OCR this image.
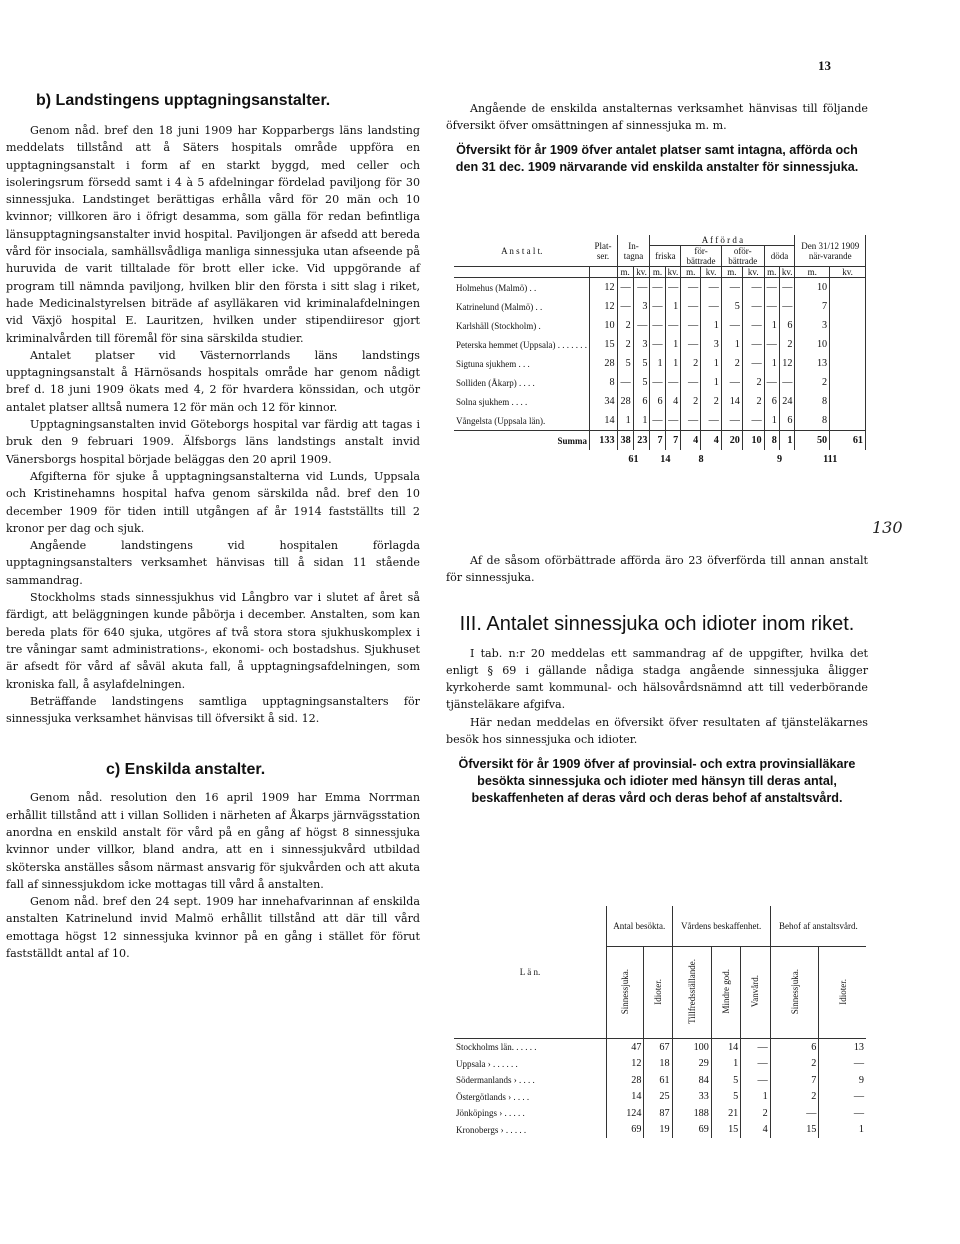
13
b) Landstingens upptagningsanstalter.

Genom nåd. bref den 18 juni 1909 har Kopparbergs läns landsting meddelats tillstånd att å Säters hospitals område uppföra en upptagningsanstalt i form af en starkt byggd, med celler och isoleringsrum försedd samt i 4 à 5 afdelningar fördelad paviljong för 30 sinnessjuka. Landstinget berättigas erhålla vård för 20 män och 10 kvinnor; villkoren äro i öfrigt desamma, som gälla för redan befintliga länsupptagningsanstalter invid hospital. Paviljongen är afsedd att bereda vård för insociala, samhällsvådliga manliga sinnessjuka utan afseende på huruvida de varit tilltalade för brott eller icke. Vid uppgörande af program till nämnda paviljong, hvilken blir den första i sitt slag i riket, hade Medicinalstyrelsen biträde af asylläkaren vid kriminalafdelningen vid Växjö hospital E. Lauritzen, hvilken under stipendiiresor gjort kriminalvården till föremål för sina särskilda studier.

Antalet platser vid Västernorrlands läns landstings upptagningsanstalt å Härnösands hospitals område har genom nådigt bref d. 18 juni 1909 ökats med 4, 2 för hvardera könssidan, och utgör antalet platser alltså numera 12 för män och 12 för kinnor.

Upptagningsanstalten invid Göteborgs hospital var färdig att tagas i bruk den 9 februari 1909. Älfsborgs läns landstings anstalt invid Vänersborgs hospital började beläggas den 20 april 1909.

Afgifterna för sjuke å upptagningsanstalterna vid Lunds, Uppsala och Kristinehamns hospital hafva genom särskilda nåd. bref den 10 december 1909 för tiden intill utgången af år 1914 fastställts till 2 kronor per dag och sjuk.

Angående landstingens vid hospitalen förlagda upptagningsanstalters verksamhet hänvisas till å sidan 11 stående sammandrag.

Stockholms stads sinnessjukhus vid Långbro var i slutet af året så färdigt, att beläggningen kunde påbörja i december. Anstalten, som kan bereda plats för 640 sjuka, utgöres af två stora stora sjukhuskomplex i tre våningar samt administrations-, ekonomi- och bostadshus. Sjukhuset är afsedt för vård af såväl akuta fall, å upptagningsafdelningen, som kroniska fall, å asylafdelningen.

Beträffande landstingens samtliga upptagningsanstalters för sinnessjuka verksamhet hänvisas till öfversikt å sid. 12.

c) Enskilda anstalter.

Genom nåd. resolution den 16 april 1909 har Emma Norrman erhållit tillstånd att i villan Solliden i närheten af Åkarps järnvägsstation anordna en enskild anstalt för vård på en gång af högst 8 sinnessjuka kvinnor under villkor, bland andra, att en i sinnessjukvård utbildad sköterska anställes såsom närmast ansvarig för sjukvården och att akuta fall af sinnessjukdom icke mottagas till vård å anstalten.

Genom nåd. bref den 24 sept. 1909 har innehafvarinnan af enskilda anstalten Katrinelund invid Malmö erhållit tillstånd att där till vård emottaga högst 12 sinnessjuka kvinnor på en gång i stället för förut fastställdt antal af 10.

Angående de enskilda anstalternas verksamhet hänvisas till följande öfversikt öfver omsättningen af sinnessjuka m. m.

Öfversikt för år 1909 öfver antalet platser samt intagna, afförda och den 31 dec. 1909 närvarande vid enskilda anstalter för sinnessjuka.

A n s t a l t.	Plat-ser.	In-tagna		A f f ö r d a								Den 31/12 1909 när-varande	
				friska		för-bättrade		oför-bättrade		döda			
		m.	kv.	m.	kv.	m.	kv.	m.	kv.	m.	kv.	m.	kv.
Holmehus (Malmö) . .	12	—	—	—	—	—	—	—	—	—	—	10	
Katrinelund (Malmö) . .	12	—	3	—	1	—	—	5	—	—	—	7	
Karlshäll (Stockholm) .	10	2	—	—	—	—	1	—	—	1	6	3	
Peterska hemmet (Uppsala) . . . . . . .	15	2	3	—	1	—	3	1	—	—	2	10	
Sigtuna sjukhem . . .	28	5	5	1	1	2	1	2	—	1	12	13	
Solliden (Åkarp) . . . .	8	—	5	—	—	—	1	—	2	—	—	2	
Solna sjukhem . . . .	34	28	6	6	4	2	2	14	2	6	24	8	
Vångelsta (Uppsala län).	14	1	1	—	—	—	—	—	—	1	6	8	
Summa	133	38	23	7	7	4	4	20	10	8	1	50	61
		61		14		8				9		111	
130

Af de såsom oförbättrade afförda äro 23 öfverförda till annan anstalt för sinnessjuka.

III. Antalet sinnessjuka och idioter inom riket.

I tab. n:r 20 meddelas ett sammandrag af de uppgifter, hvilka det enligt § 69 i gällande nådiga stadga angående sinnessjuka åligger kyrkoherde samt kommunal- och hälsovårdsnämnd att till vederbörande tjänsteläkare afgifva.

Här nedan meddelas en öfversikt öfver resultaten af tjänsteläkarnes besök hos sinnessjuka och idioter.

Öfversikt för år 1909 öfver af provinsial- och extra provinsialläkare besökta sinnessjuka och idioter med hänsyn till deras antal, beskaffenheten af deras vård och deras behof af anstaltsvård.

L ä n.	Antal besökta.		Vårdens beskaffenhet.			Behof af anstaltsvård.	
	Sinnessjuka.	Idioter.	Tillfredsställande.	Mindre god.	Vanvård.	Sinnessjuka.	Idioter.
Stockholms län. . . . . .	47	67	100	14	—	6	13
Uppsala › . . . . . .	12	18	29	1	—	2	—
Södermanlands › . . . .	28	61	84	5	—	7	9
Östergötlands › . . . .	14	25	33	5	1	2	—
Jönköpings › . . . . .	124	87	188	21	2	—	—
Kronobergs › . . . . .	69	19	69	15	4	15	1
